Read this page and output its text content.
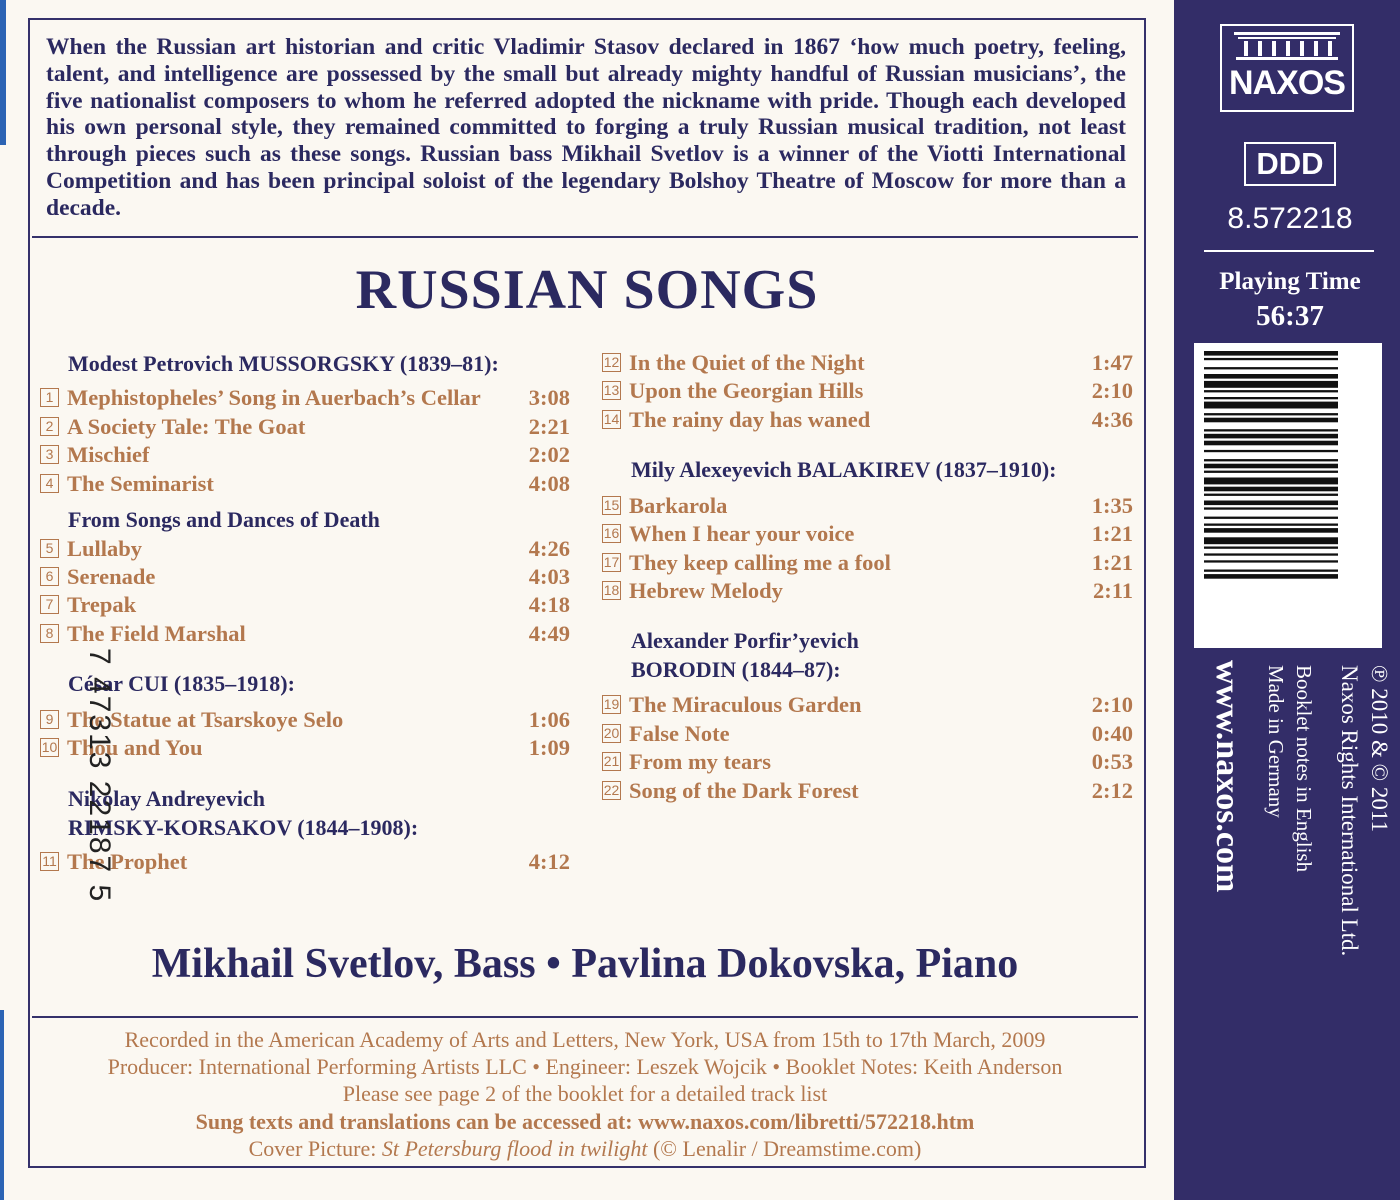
When the Russian art historian and critic Vladimir Stasov declared in 1867 ‘how much poetry, feeling, talent, and intelligence are possessed by the small but already mighty handful of Russian musicians’, the five nationalist composers to whom he referred adopted the nickname with pride. Though each developed his own personal style, they remained committed to forging a truly Russian musical tradition, not least through pieces such as these songs. Russian bass Mikhail Svetlov is a winner of the Viotti International Competition and has been principal soloist of the legendary Bolshoy Theatre of Moscow for more than a decade.
RUSSIAN SONGS
Modest Petrovich MUSSORGSKY (1839–81):
1 Mephistopheles’ Song in Auerbach’s Cellar 3:08
2 A Society Tale: The Goat	2:21
3 Mischief	2:02
4 The Seminarist	4:08
From Songs and Dances of Death
5 Lullaby	4:26
6 Serenade	4:03
7 Trepak	4:18
8 The Field Marshal	4:49
César CUI (1835–1918):
9 The Statue at Tsarskoye Selo	1:06
10 Thou and You	1:09
Nikolay Andreyevich
RIMSKY-KORSAKOV (1844–1908):
11 The Prophet	4:12
12 In the Quiet of the Night	1:47
13 Upon the Georgian Hills	2:10
14 The rainy day has waned	4:36
Mily Alexeyevich BALAKIREV (1837–1910):
15 Barkarola	1:35
16 When I hear your voice	1:21
17 They keep calling me a fool	1:21
18 Hebrew Melody	2:11
Alexander Porfir’yevich
BORODIN (1844–87):
19 The Miraculous Garden	2:10
20 False Note	0:40
21 From my tears	0:53
22 Song of the Dark Forest	2:12
Mikhail Svetlov, Bass • Pavlina Dokovska, Piano
Recorded in the American Academy of Arts and Letters, New York, USA from 15th to 17th March, 2009
Producer: International Performing Artists LLC • Engineer: Leszek Wojcik • Booklet Notes: Keith Anderson
Please see page 2 of the booklet for a detailed track list
Sung texts and translations can be accessed at: www.naxos.com/libretti/572218.htm
Cover Picture: St Petersburg flood in twilight (© Lenalir / Dreamstime.com)
NAXOS
DDD
8.572218
Playing Time
56:37
7 47313 22187 5	www.naxos.com	℗ 2010 & © 2011
Naxos Rights International Ltd.
Booklet notes in English
Made in Germany
